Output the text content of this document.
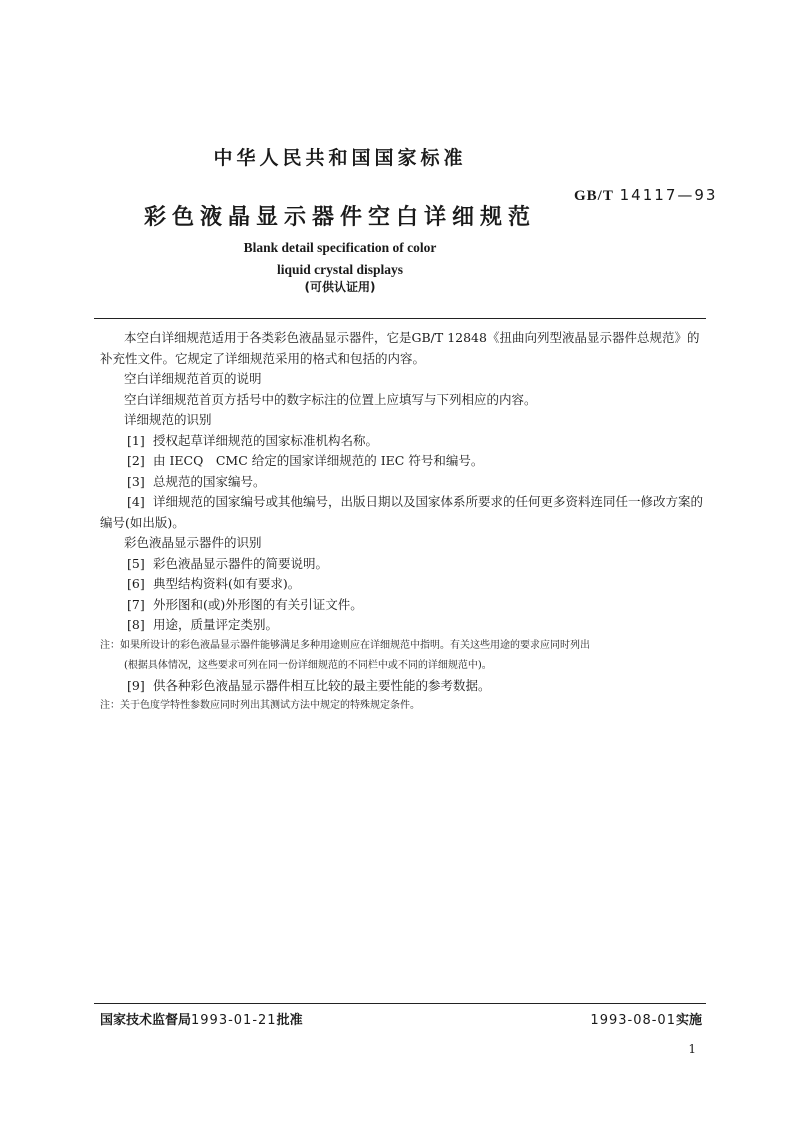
中华人民共和国国家标准
GB/T 14117—93
彩色液晶显示器件空白详细规范
Blank detail specification of color
liquid crystal displays
(可供认证用)

本空白详细规范适用于各类彩色液晶显示器件，它是GB/T 12848《扭曲向列型液晶显示器件总规范》的补充性文件。它规定了详细规范采用的格式和包括的内容。

空白详细规范首页的说明

空白详细规范首页方括号中的数字标注的位置上应填写与下列相应的内容。

详细规范的识别

[1] 授权起草详细规范的国家标准机构名称。

[2] 由 IECQ　CMC 给定的国家详细规范的 IEC 符号和编号。

[3] 总规范的国家编号。

[4] 详细规范的国家编号或其他编号，出版日期以及国家体系所要求的任何更多资料连同任一修改方案的编号(如出版)。

彩色液晶显示器件的识别

[5] 彩色液晶显示器件的简要说明。

[6] 典型结构资料(如有要求)。

[7] 外形图和(或)外形图的有关引证文件。

[8] 用途，质量评定类别。

注：如果所设计的彩色液晶显示器件能够满足多种用途则应在详细规范中指明。有关这些用途的要求应同时列出

(根据具体情况，这些要求可列在同一份详细规范的不同栏中或不同的详细规范中)。

[9] 供各种彩色液晶显示器件相互比较的最主要性能的参考数据。

注：关于色度学特性参数应同时列出其测试方法中规定的特殊规定条件。

国家技术监督局1993-01-21批准	1993-08-01实施
1
